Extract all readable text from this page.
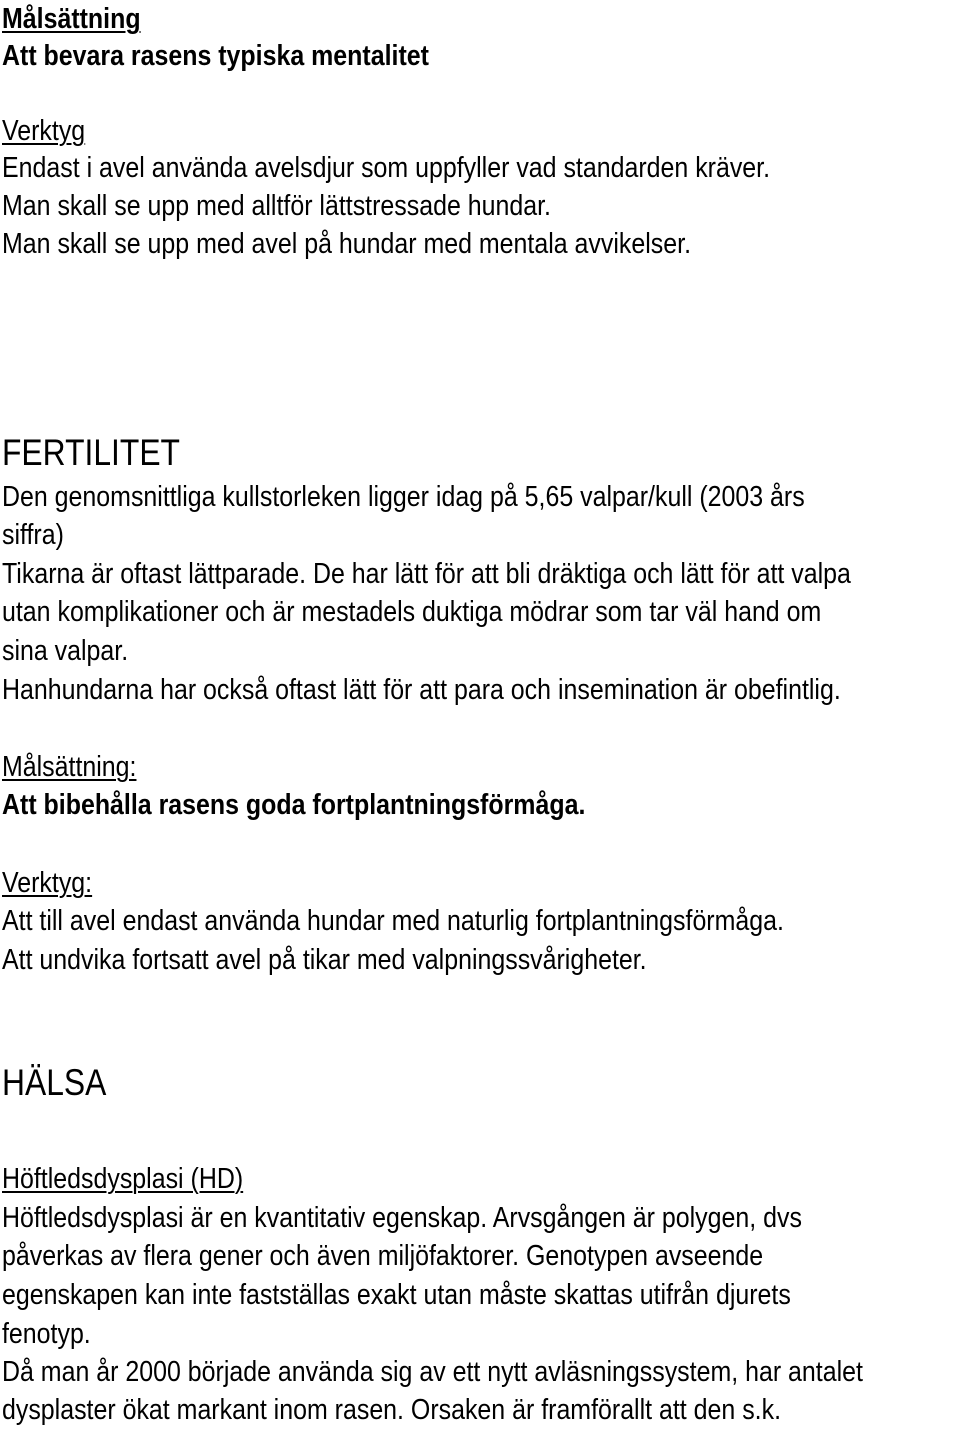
Målsättning
Att bevara rasens typiska mentalitet
Verktyg
Endast i avel använda avelsdjur som uppfyller vad standarden kräver.
Man skall se upp med alltför lättstressade hundar.
Man skall se upp med avel på hundar med mentala avvikelser.
FERTILITET
Den genomsnittliga kullstorleken ligger idag på 5,65 valpar/kull (2003 års
siffra)
Tikarna är oftast lättparade. De har lätt för att bli dräktiga och lätt för att valpa
utan komplikationer och är mestadels duktiga mödrar som tar väl hand om
sina valpar.
Hanhundarna har också oftast lätt för att para och insemination är obefintlig.
Målsättning:
Att bibehålla rasens goda fortplantningsförmåga.
Verktyg:
Att till avel endast använda hundar med naturlig fortplantningsförmåga.
Att undvika fortsatt avel på tikar med valpningssvårigheter.
HÄLSA
Höftledsdysplasi (HD)
Höftledsdysplasi är en kvantitativ egenskap. Arvsgången är polygen, dvs
påverkas av flera gener och även miljöfaktorer. Genotypen avseende
egenskapen kan inte fastställas exakt utan måste skattas utifrån djurets
fenotyp.
Då man år 2000 började använda sig av ett nytt avläsningssystem, har antalet
dysplaster ökat markant inom rasen. Orsaken är framförallt att den s.k.
